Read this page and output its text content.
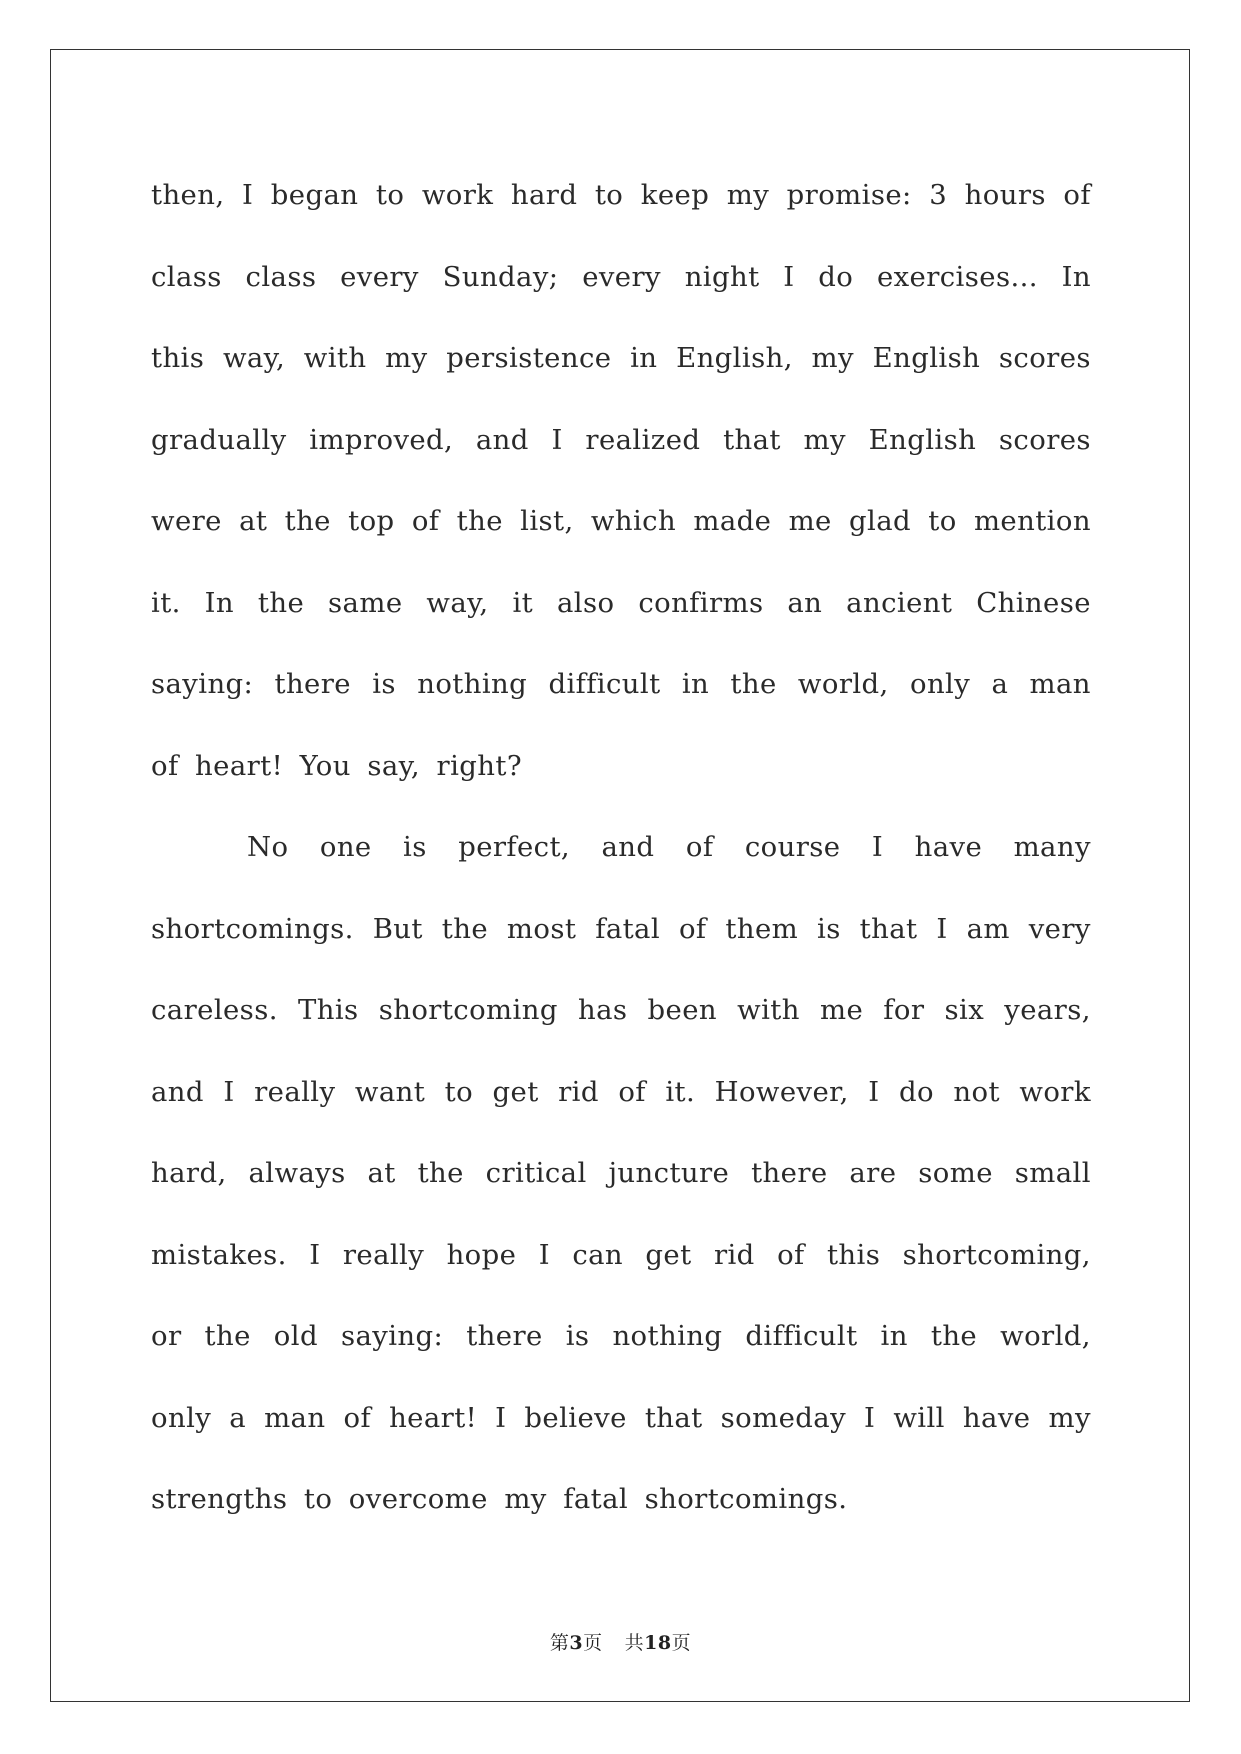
then, I began to work hard to keep my promise: 3 hours of
class class every Sunday; every night I do exercises... In
this way, with my persistence in English, my English scores
gradually improved, and I realized that my English scores
were at the top of the list, which made me glad to mention
it. In the same way, it also confirms an ancient Chinese
saying: there is nothing difficult in the world, only a man
of heart! You say, right?
No one is perfect, and of course I have many
shortcomings. But the most fatal of them is that I am very
careless. This shortcoming has been with me for six years,
and I really want to get rid of it. However, I do not work
hard, always at the critical juncture there are some small
mistakes. I really hope I can get rid of this shortcoming,
or the old saying: there is nothing difficult in the world,
only a man of heart! I believe that someday I will have my
strengths to overcome my fatal shortcomings.
第3页 共18页
